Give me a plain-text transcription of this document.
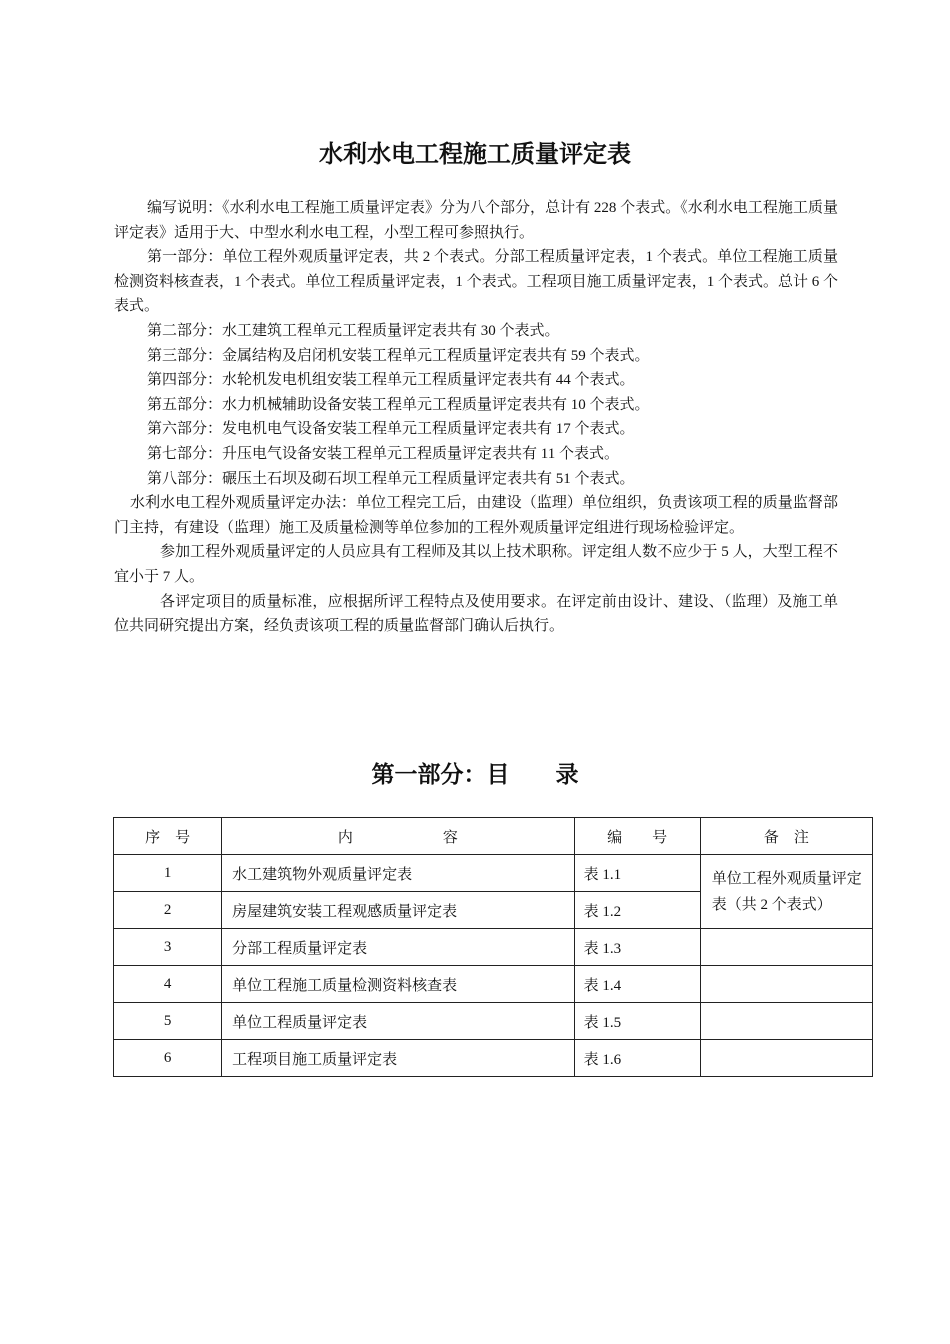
水利水电工程施工质量评定表

编写说明：《水利水电工程施工质量评定表》分为八个部分，总计有 228 个表式。《水利水电工程施工质量评定表》适用于大、中型水利水电工程，小型工程可参照执行。

第一部分：单位工程外观质量评定表，共 2 个表式。分部工程质量评定表，1 个表式。单位工程施工质量检测资料核查表，1 个表式。单位工程质量评定表，1 个表式。工程项目施工质量评定表，1 个表式。总计 6 个表式。

第二部分：水工建筑工程单元工程质量评定表共有 30 个表式。

第三部分：金属结构及启闭机安装工程单元工程质量评定表共有 59 个表式。

第四部分：水轮机发电机组安装工程单元工程质量评定表共有 44 个表式。

第五部分：水力机械辅助设备安装工程单元工程质量评定表共有 10 个表式。

第六部分：发电机电气设备安装工程单元工程质量评定表共有 17 个表式。

第七部分：升压电气设备安装工程单元工程质量评定表共有 11 个表式。

第八部分：碾压土石坝及砌石坝工程单元工程质量评定表共有 51 个表式。

水利水电工程外观质量评定办法：单位工程完工后，由建设（监理）单位组织，负责该项工程的质量监督部门主持，有建设（监理）施工及质量检测等单位参加的工程外观质量评定组进行现场检验评定。

参加工程外观质量评定的人员应具有工程师及其以上技术职称。评定组人数不应少于 5 人，大型工程不宜小于 7 人。

各评定项目的质量标准，应根据所评工程特点及使用要求。在评定前由设计、建设、（监理）及施工单位共同研究提出方案，经负责该项工程的质量监督部门确认后执行。

第一部分：目　　录
序　号	内　　　　　　容	编　　号	备　注
1	水工建筑物外观质量评定表	表 1.1	单位工程外观质量评定表（共 2 个表式）
2	房屋建筑安装工程观感质量评定表	表 1.2	
3	分部工程质量评定表	表 1.3	
4	单位工程施工质量检测资料核查表	表 1.4	
5	单位工程质量评定表	表 1.5	
6	工程项目施工质量评定表	表 1.6	
